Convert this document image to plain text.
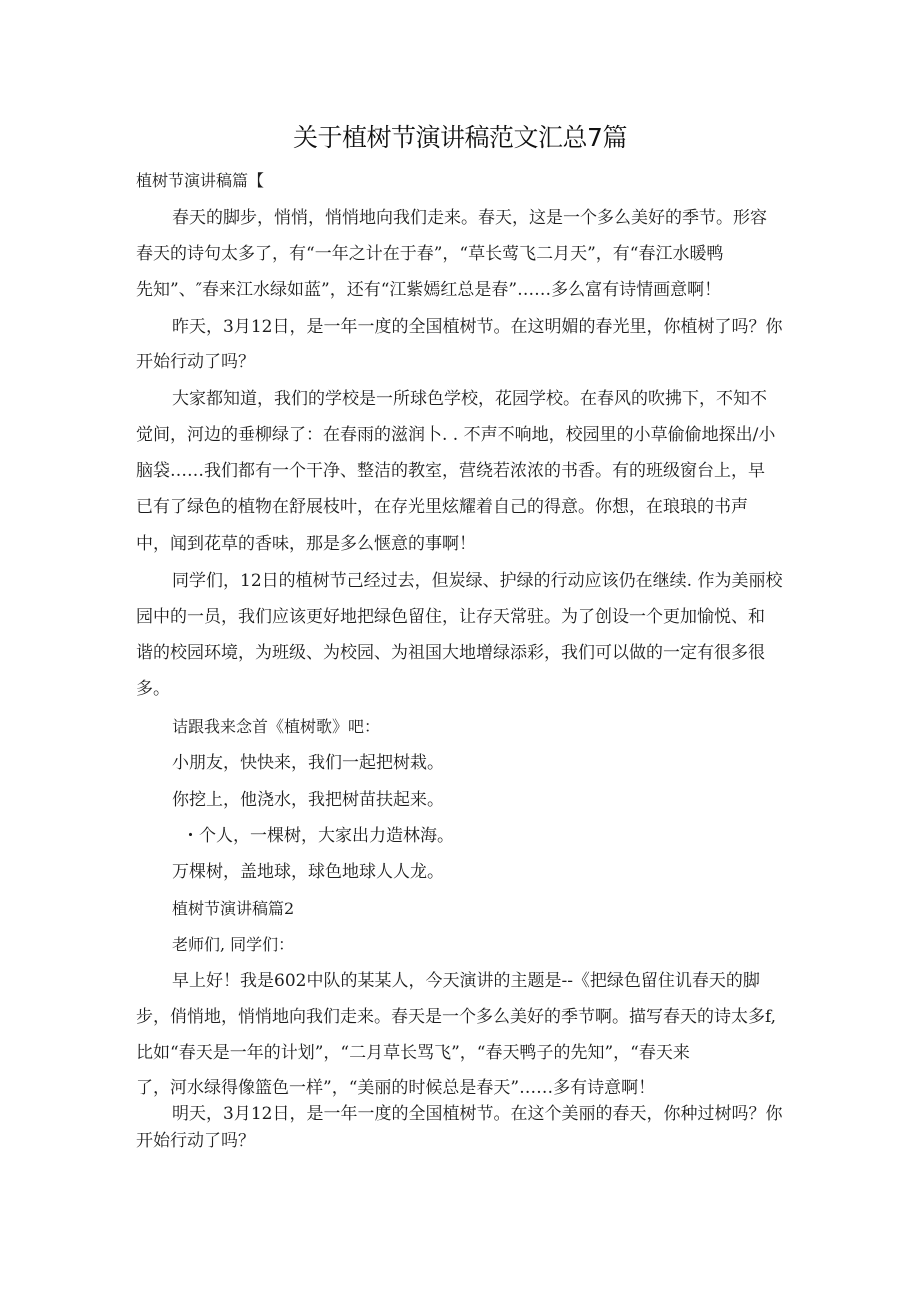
关于植树节演讲稿范文汇总7篇
植树节演讲稿篇【
春天的脚步，悄悄，悄悄地向我们走来。春天，这是一个多么美好的季节。形容
春天的诗句太多了，有“一年之计在于春”，“草长莺飞二月天”，有“春江水暖鸭
先知”、″春来江水绿如蓝”，还有“江紫嫣红总是春”……多么富有诗情画意啊！
昨天，3月12日，是一年一度的全国植树节。在这明媚的春光里，你植树了吗？你
开始行动了吗？
大家都知道，我们的学校是一所球色学校，花园学校。在春风的吹拂下，不知不
觉间，河边的垂柳绿了：在春雨的滋润卜. . 不声不响地，校园里的小草偷偷地探出/小
脑袋……我们都有一个干净、整洁的教室，营绕若浓浓的书香。有的班级窗台上，早
已有了绿色的植物在舒展枝叶，在存光里炫耀着自己的得意。你想，在琅琅的书声
中，闻到花草的香味，那是多么惬意的事啊！
同学们，12日的植树节己经过去，但炭绿、护绿的行动应该仍在继续. 作为美丽校
园中的一员，我们应该更好地把绿色留住，让存天常驻。为了创设一个更加愉悦、和
谐的校园环境，为班级、为校园、为祖国大地增绿添彩，我们可以做的一定有很多很
多。
诘跟我来念首《植树歌》吧：
小朋友，快快来，我们一起把树栽。
你挖上，他浇水，我把树苗扶起来。
・个人，一棵树，大家出力造林海。
万棵树，盖地球，球色地球人人龙。
植树节演讲稿篇2
老师们, 同学们：
早上好！我是602中队的某某人，今天演讲的主题是--《把绿色留住讥春天的脚
步，俏悄地，悄悄地向我们走来。春天是一个多么美好的季节啊。描写春天的诗太多f,
比如“春天是一年的计划”，“二月草长骂飞”，“春天鸭子的先知”，“春天来
了，河水绿得像篮色一样”，“美丽的时候总是春天”……多有诗意啊！
明天，3月12日，是一年一度的全国植树节。在这个美丽的春天，你种过树吗？你
开始行动了吗？
